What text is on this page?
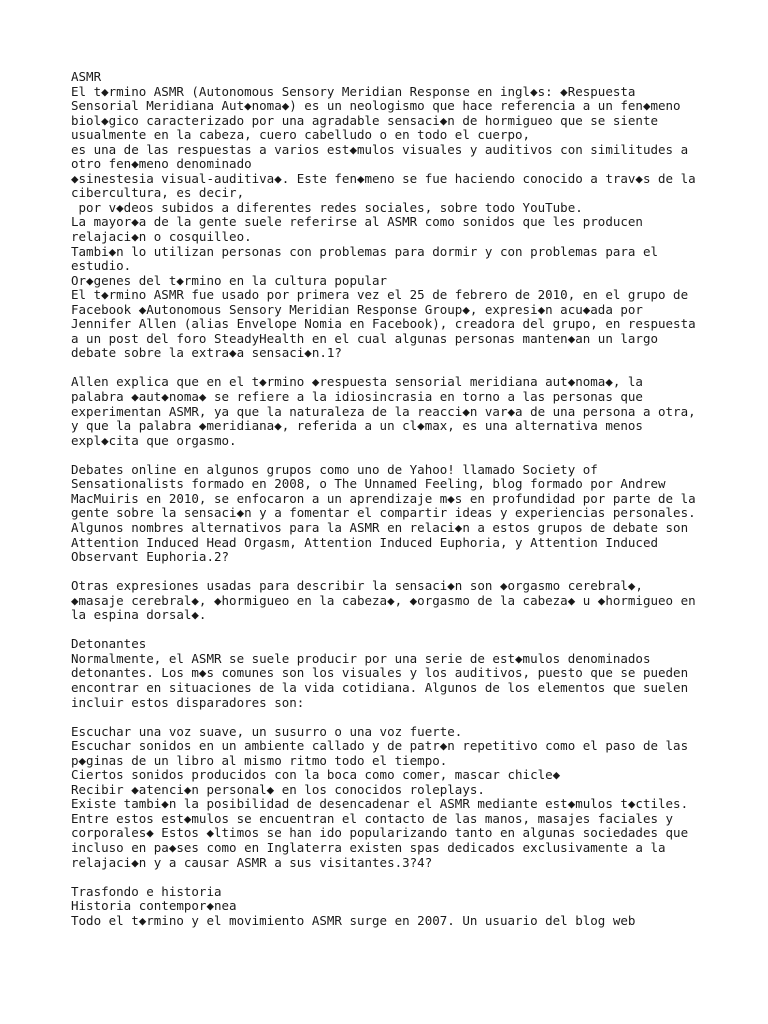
ASMR
El t◆rmino ASMR (Autonomous Sensory Meridian Response en ingl◆s: ◆Respuesta
Sensorial Meridiana Aut◆noma◆) es un neologismo que hace referencia a un fen◆meno
biol◆gico caracterizado por una agradable sensaci◆n de hormigueo que se siente
usualmente en la cabeza, cuero cabelludo o en todo el cuerpo,
es una de las respuestas a varios est◆mulos visuales y auditivos con similitudes a
otro fen◆meno denominado
◆sinestesia visual-auditiva◆. Este fen◆meno se fue haciendo conocido a trav◆s de la
cibercultura, es decir,
por v◆deos subidos a diferentes redes sociales, sobre todo YouTube.
La mayor◆a de la gente suele referirse al ASMR como sonidos que les producen
relajaci◆n o cosquilleo.
Tambi◆n lo utilizan personas con problemas para dormir y con problemas para el
estudio.
Or◆genes del t◆rmino en la cultura popular
El t◆rmino ASMR fue usado por primera vez el 25 de febrero de 2010, en el grupo de
Facebook ◆Autonomous Sensory Meridian Response Group◆, expresi◆n acu◆ada por
Jennifer Allen (alias Envelope Nomia en Facebook), creadora del grupo, en respuesta
a un post del foro SteadyHealth en el cual algunas personas manten◆an un largo
debate sobre la extra◆a sensaci◆n.1?
Allen explica que en el t◆rmino ◆respuesta sensorial meridiana aut◆noma◆, la
palabra ◆aut◆noma◆ se refiere a la idiosincrasia en torno a las personas que
experimentan ASMR, ya que la naturaleza de la reacci◆n var◆a de una persona a otra,
y que la palabra ◆meridiana◆, referida a un cl◆max, es una alternativa menos
expl◆cita que orgasmo.
Debates online en algunos grupos como uno de Yahoo! llamado Society of
Sensationalists formado en 2008, o The Unnamed Feeling, blog formado por Andrew
MacMuiris en 2010, se enfocaron a un aprendizaje m◆s en profundidad por parte de la
gente sobre la sensaci◆n y a fomentar el compartir ideas y experiencias personales.
Algunos nombres alternativos para la ASMR en relaci◆n a estos grupos de debate son
Attention Induced Head Orgasm, Attention Induced Euphoria, y Attention Induced
Observant Euphoria.2?
Otras expresiones usadas para describir la sensaci◆n son ◆orgasmo cerebral◆,
◆masaje cerebral◆, ◆hormigueo en la cabeza◆, ◆orgasmo de la cabeza◆ u ◆hormigueo en
la espina dorsal◆.
Detonantes
Normalmente, el ASMR se suele producir por una serie de est◆mulos denominados
detonantes. Los m◆s comunes son los visuales y los auditivos, puesto que se pueden
encontrar en situaciones de la vida cotidiana. Algunos de los elementos que suelen
incluir estos disparadores son:
Escuchar una voz suave, un susurro o una voz fuerte.
Escuchar sonidos en un ambiente callado y de patr◆n repetitivo como el paso de las
p◆ginas de un libro al mismo ritmo todo el tiempo.
Ciertos sonidos producidos con la boca como comer, mascar chicle◆
Recibir ◆atenci◆n personal◆ en los conocidos roleplays.
Existe tambi◆n la posibilidad de desencadenar el ASMR mediante est◆mulos t◆ctiles.
Entre estos est◆mulos se encuentran el contacto de las manos, masajes faciales y
corporales◆ Estos ◆ltimos se han ido popularizando tanto en algunas sociedades que
incluso en pa◆ses como en Inglaterra existen spas dedicados exclusivamente a la
relajaci◆n y a causar ASMR a sus visitantes.3?4?
Trasfondo e historia
Historia contempor◆nea
Todo el t◆rmino y el movimiento ASMR surge en 2007. Un usuario del blog web
